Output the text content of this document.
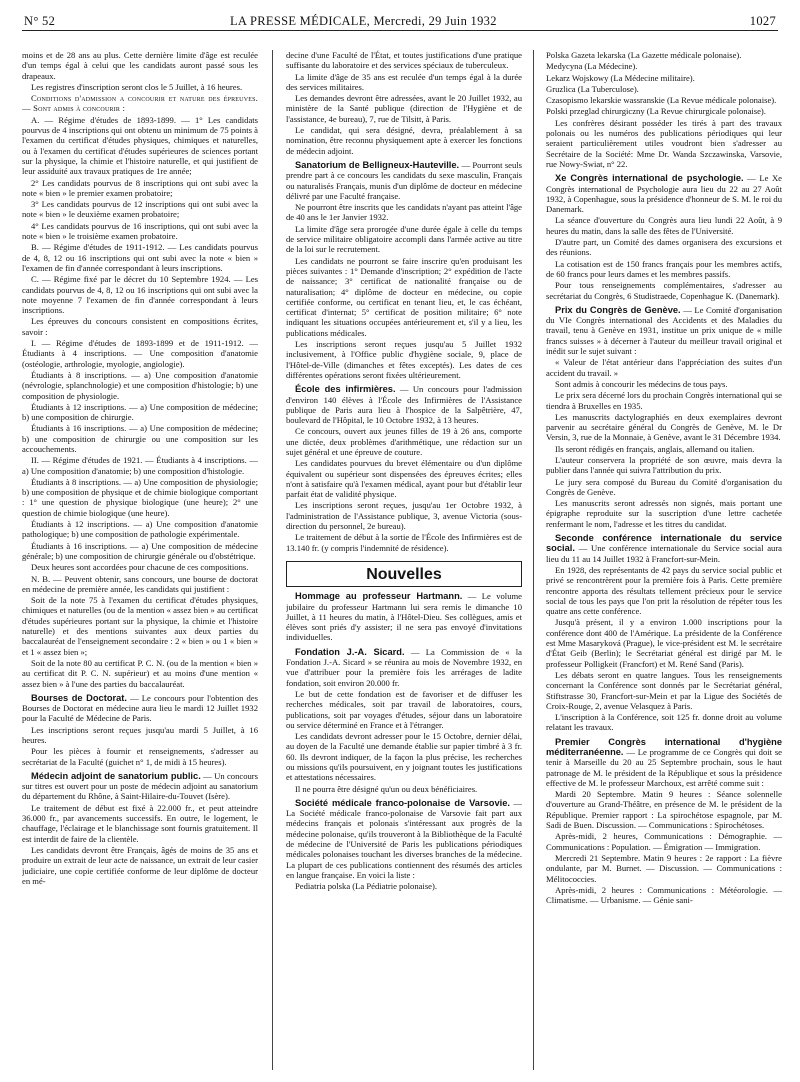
N° 52	LA PRESSE MÉDICALE, Mercredi, 29 Juin 1932	1027

moins et de 28 ans au plus. Cette dernière limite d'âge est reculée d'un temps égal à celui que les candidats auront passé sous les drapeaux.

Les registres d'inscription seront clos le 5 Juillet, à 16 heures.

Conditions d'admission a concourir et nature des épreuves. — Sont admis à concourir :

A. — Régime d'études de 1893-1899. — 1° Les candidats pourvus de 4 inscriptions qui ont obtenu un minimum de 75 points à l'examen du certificat d'études physiques, chimiques et naturelles, ou à l'examen du certificat d'études supérieures de sciences portant sur la physique, la chimie et l'histoire naturelle, et qui justifient de leur assiduité aux travaux pratiques de 1re année;

2° Les candidats pourvus de 8 inscriptions qui ont subi avec la note « bien » le premier examen probatoire;

3° Les candidats pourvus de 12 inscriptions qui ont subi avec la note « bien » le deuxième examen probatoire;

4° Les candidats pourvus de 16 inscriptions, qui ont subi avec la note « bien » le troisième examen probatoire.

B. — Régime d'études de 1911-1912. — Les candidats pourvus de 4, 8, 12 ou 16 inscriptions qui ont subi avec la note « bien » l'examen de fin d'année correspondant à leurs inscriptions.

C. — Régime fixé par le décret du 10 Septembre 1924. — Les candidats pourvus de 4, 8, 12 ou 16 inscriptions qui ont subi avec la note moyenne 7 l'examen de fin d'année correspondant à leurs inscriptions.

Les épreuves du concours consistent en compositions écrites, savoir :

I. — Régime d'études de 1893-1899 et de 1911-1912. — Étudiants à 4 inscriptions. — Une composition d'anatomie (ostéologie, arthrologie, myologie, angiologie).

Étudiants à 8 inscriptions. — a) Une composition d'anatomie (névrologie, splanchnologie) et une composition d'histologie; b) une composition de physiologie.

Étudiants à 12 inscriptions. — a) Une composition de médecine; b) une composition de chirurgie.

Étudiants à 16 inscriptions. — a) Une composition de médecine; b) une composition de chirurgie ou une composition sur les accouchements.

II. — Régime d'études de 1921. — Étudiants à 4 inscriptions. — a) Une composition d'anatomie; b) une composition d'histologie.

Étudiants à 8 inscriptions. — a) Une composition de physiologie; b) une composition de physique et de chimie biologique comportant : 1° une question de physique biologique (une heure); 2° une question de chimie biologique (une heure).

Étudiants à 12 inscriptions. — a) Une composition d'anatomie pathologique; b) une composition de pathologie expérimentale.

Étudiants à 16 inscriptions. — a) Une composition de médecine générale; b) une composition de chirurgie générale ou d'obstétrique.

Deux heures sont accordées pour chacune de ces compositions.

N. B. — Peuvent obtenir, sans concours, une bourse de doctorat en médecine de première année, les candidats qui justifient :

Soit de la note 75 à l'examen du certificat d'études physiques, chimiques et naturelles (ou de la mention « assez bien » au certificat d'études supérieures portant sur la physique, la chimie et l'histoire naturelle) et des mentions suivantes aux deux parties du baccalauréat de l'enseignement secondaire : 2 « bien » ou 1 « bien » et 1 « assez bien »;

Soit de la note 80 au certificat P. C. N. (ou de la mention « bien » au certificat dit P. C. N. supérieur) et au moins d'une mention « assez bien » à l'une des parties du baccalauréat.

Bourses de Doctorat. — Le concours pour l'obtention des Bourses de Doctorat en médecine aura lieu le mardi 12 Juillet 1932 pour la Faculté de Médecine de Paris.

Les inscriptions seront reçues jusqu'au mardi 5 Juillet, à 16 heures.

Pour les pièces à fournir et renseignements, s'adresser au secrétariat de la Faculté (guichet n° 1, de midi à 15 heures).

Médecin adjoint de sanatorium public. — Un concours sur titres est ouvert pour un poste de médecin adjoint au sanatorium du département du Rhône, à Saint-Hilaire-du-Touvet (Isère).

Le traitement de début est fixé à 22.000 fr., et peut atteindre 36.000 fr., par avancements successifs. En outre, le logement, le chauffage, l'éclairage et le blanchissage sont fournis gratuitement. Il est interdit de faire de la clientèle.

Les candidats devront être Français, âgés de moins de 35 ans et produire un extrait de leur acte de naissance, un extrait de leur casier judiciaire, une copie certifiée conforme de leur diplôme de docteur en mé-

decine d'une Faculté de l'État, et toutes justifications d'une pratique suffisante du laboratoire et des services spéciaux de tuberculeux.

La limite d'âge de 35 ans est reculée d'un temps égal à la durée des services militaires.

Les demandes devront être adressées, avant le 20 Juillet 1932, au ministère de la Santé publique (direction de l'Hygiène et de l'assistance, 4e bureau), 7, rue de Tilsitt, à Paris.

Le candidat, qui sera désigné, devra, préalablement à sa nomination, être reconnu physiquement apte à exercer les fonctions de médecin adjoint.

Sanatorium de Belligneux-Hauteville. — Pourront seuls prendre part à ce concours les candidats du sexe masculin, Français ou naturalisés Français, munis d'un diplôme de docteur en médecine délivré par une Faculté française.

Ne pourront être inscrits que les candidats n'ayant pas atteint l'âge de 40 ans le 1er Janvier 1932.

La limite d'âge sera prorogée d'une durée égale à celle du temps de service militaire obligatoire accompli dans l'armée active au titre de la loi sur le recrutement.

Les candidats ne pourront se faire inscrire qu'en produisant les pièces suivantes : 1° Demande d'inscription; 2° expédition de l'acte de naissance; 3° certificat de nationalité française ou de naturalisation; 4° diplôme de docteur en médecine, ou copie certifiée conforme, ou certificat en tenant lieu, et, le cas échéant, certificat d'internat; 5° certificat de position militaire; 6° note indiquant les situations occupées antérieurement et, s'il y a lieu, les publications médicales.

Les inscriptions seront reçues jusqu'au 5 Juillet 1932 inclusivement, à l'Office public d'hygiène sociale, 9, place de l'Hôtel-de-Ville (dimanches et fêtes exceptés). Les dates de ces différentes opérations seront fixées ultérieurement.

École des infirmières. — Un concours pour l'admission d'environ 140 élèves à l'École des Infirmières de l'Assistance publique de Paris aura lieu à l'hospice de la Salpêtrière, 47, boulevard de l'Hôpital, le 10 Octobre 1932, à 13 heures.

Ce concours, ouvert aux jeunes filles de 19 à 26 ans, comporte une dictée, deux problèmes d'arithmétique, une rédaction sur un sujet général et une épreuve de couture.

Les candidates pourvues du brevet élémentaire ou d'un diplôme équivalent ou supérieur sont dispensées des épreuves écrites; elles n'ont à satisfaire qu'à l'examen médical, ayant pour but d'établir leur parfait état de validité physique.

Les inscriptions seront reçues, jusqu'au 1er Octobre 1932, à l'administration de l'Assistance publique, 3, avenue Victoria (sous-direction du personnel, 2e bureau).

Le traitement de début à la sortie de l'École des Infirmières est de 13.140 fr. (y compris l'indemnité de résidence).

Nouvelles

Hommage au professeur Hartmann. — Le volume jubilaire du professeur Hartmann lui sera remis le dimanche 10 Juillet, à 11 heures du matin, à l'Hôtel-Dieu. Ses collègues, amis et élèves sont priés d'y assister; il ne sera pas envoyé d'invitations individuelles.

Fondation J.-A. Sicard. — La Commission de « la Fondation J.-A. Sicard » se réunira au mois de Novembre 1932, en vue d'attribuer pour la première fois les arrérages de ladite fondation, soit environ 20.000 fr.

Le but de cette fondation est de favoriser et de diffuser les recherches médicales, soit par travail de laboratoires, cours, publications, soit par voyages d'études, séjour dans un laboratoire ou service déterminé en France et à l'étranger.

Les candidats devront adresser pour le 15 Octobre, dernier délai, au doyen de la Faculté une demande établie sur papier timbré à 3 fr. 60. Ils devront indiquer, de la façon la plus précise, les recherches ou missions qu'ils poursuivent, en y joignant toutes les justifications et attestations nécessaires.

Il ne pourra être désigné qu'un ou deux bénéficiaires.

Société médicale franco-polonaise de Varsovie. — La Société médicale franco-polonaise de Varsovie fait part aux médecins français et polonais s'intéressant aux progrès de la médecine polonaise, qu'ils trouveront à la Bibliothèque de la Faculté de médecine de l'Université de Paris les publications périodiques médicales polonaises touchant les diverses branches de la médecine. La plupart de ces publications contiennent des résumés des articles en langue française. En voici la liste :

Pediatria polska (La Pédiatrie polonaise).

Polska Gazeta lekarska (La Gazette médicale polonaise).

Medycyna (La Médecine).

Lekarz Wojskowy (La Médecine militaire).

Gruzlica (La Tuberculose).

Czasopismo lekarskie wassranskie (La Revue médicale polonaise).

Polski przeglad chirurgiczny (La Revue chirurgicale polonaise).

Les confrères désirant posséder les tirés à part des travaux polonais ou les numéros des publications périodiques qui leur seraient particulièrement utiles voudront bien s'adresser au Secrétaire de la Société: Mme Dr. Wanda Szczawinska, Varsovie, rue Nowy-Swiat, n° 22.

Xe Congrès international de psychologie. — Le Xe Congrès international de Psychologie aura lieu du 22 au 27 Août 1932, à Copenhague, sous la présidence d'honneur de S. M. le roi du Danemark.

La séance d'ouverture du Congrès aura lieu lundi 22 Août, à 9 heures du matin, dans la salle des fêtes de l'Université.

D'autre part, un Comité des dames organisera des excursions et des réunions.

La cotisation est de 150 francs français pour les membres actifs, de 60 francs pour leurs dames et les membres passifs.

Pour tous renseignements complémentaires, s'adresser au secrétariat du Congrès, 6 Studistraede, Copenhague K. (Danemark).

Prix du Congrès de Genève. — Le Comité d'organisation du VIe Congrès international des Accidents et des Maladies du travail, tenu à Genève en 1931, institue un prix unique de « mille francs suisses » à décerner à l'auteur du meilleur travail original et inédit sur le sujet suivant :

« Valeur de l'état antérieur dans l'appréciation des suites d'un accident du travail. »

Sont admis à concourir les médecins de tous pays.

Le prix sera décerné lors du prochain Congrès international qui se tiendra à Bruxelles en 1935.

Les manuscrits dactylographiés en deux exemplaires devront parvenir au secrétaire général du Congrès de Genève, M. le Dr Versin, 3, rue de la Monnaie, à Genève, avant le 31 Décembre 1934.

Ils seront rédigés en français, anglais, allemand ou italien.

L'auteur conservera la propriété de son œuvre, mais devra la publier dans l'année qui suivra l'attribution du prix.

Le jury sera composé du Bureau du Comité d'organisation du Congrès de Genève.

Les manuscrits seront adressés non signés, mais portant une épigraphe reproduite sur la suscription d'une lettre cachetée renfermant le nom, l'adresse et les titres du candidat.

Seconde conférence internationale du service social. — Une conférence internationale du Service social aura lieu du 11 au 14 Juillet 1932 à Francfort-sur-Mein.

En 1928, des représentants de 42 pays du service social public et privé se rencontrèrent pour la première fois à Paris. Cette première rencontre apporta des résultats tellement précieux pour le service social de tous les pays que l'on prit la résolution de répéter tous les quatre ans cette conférence.

Jusqu'à présent, il y a environ 1.000 inscriptions pour la conférence dont 400 de l'Amérique. La présidente de la Conférence est Mme Masaryková (Prague), le vice-président est M. le secrétaire d'État Geib (Berlin); le Secrétariat général est dirigé par M. le professeur Polligkeit (Francfort) et M. René Sand (Paris).

Les débats seront en quatre langues. Tous les renseignements concernant la Conférence sont donnés par le Secrétariat général, Stiftstrasse 30, Francfort-sur-Mein et par la Ligue des Sociétés de Croix-Rouge, 2, avenue Velasquez à Paris.

L'inscription à la Conférence, soit 125 fr. donne droit au volume relatant les travaux.

Premier Congrès international d'hygiène méditerranéenne. — Le programme de ce Congrès qui doit se tenir à Marseille du 20 au 25 Septembre prochain, sous le haut patronage de M. le président de la République et sous la présidence effective de M. le professeur Marchoux, est arrêté comme suit :

Mardi 20 Septembre. Matin 9 heures : Séance solennelle d'ouverture au Grand-Théâtre, en présence de M. le président de la République. Premier rapport : La spirochétose espagnole, par M. Sadi de Buen. Discussion. — Communications : Spirochétoses.

Après-midi, 2 heures, Communications : Démographie. — Communications : Population. — Émigration — Immigration.

Mercredi 21 Septembre. Matin 9 heures : 2e rapport : La fièvre ondulante, par M. Burnet. — Discussion. — Communications : Mélitococcies.

Après-midi, 2 heures : Communications : Météorologie. — Climatisme. — Urbanisme. — Génie sani-
